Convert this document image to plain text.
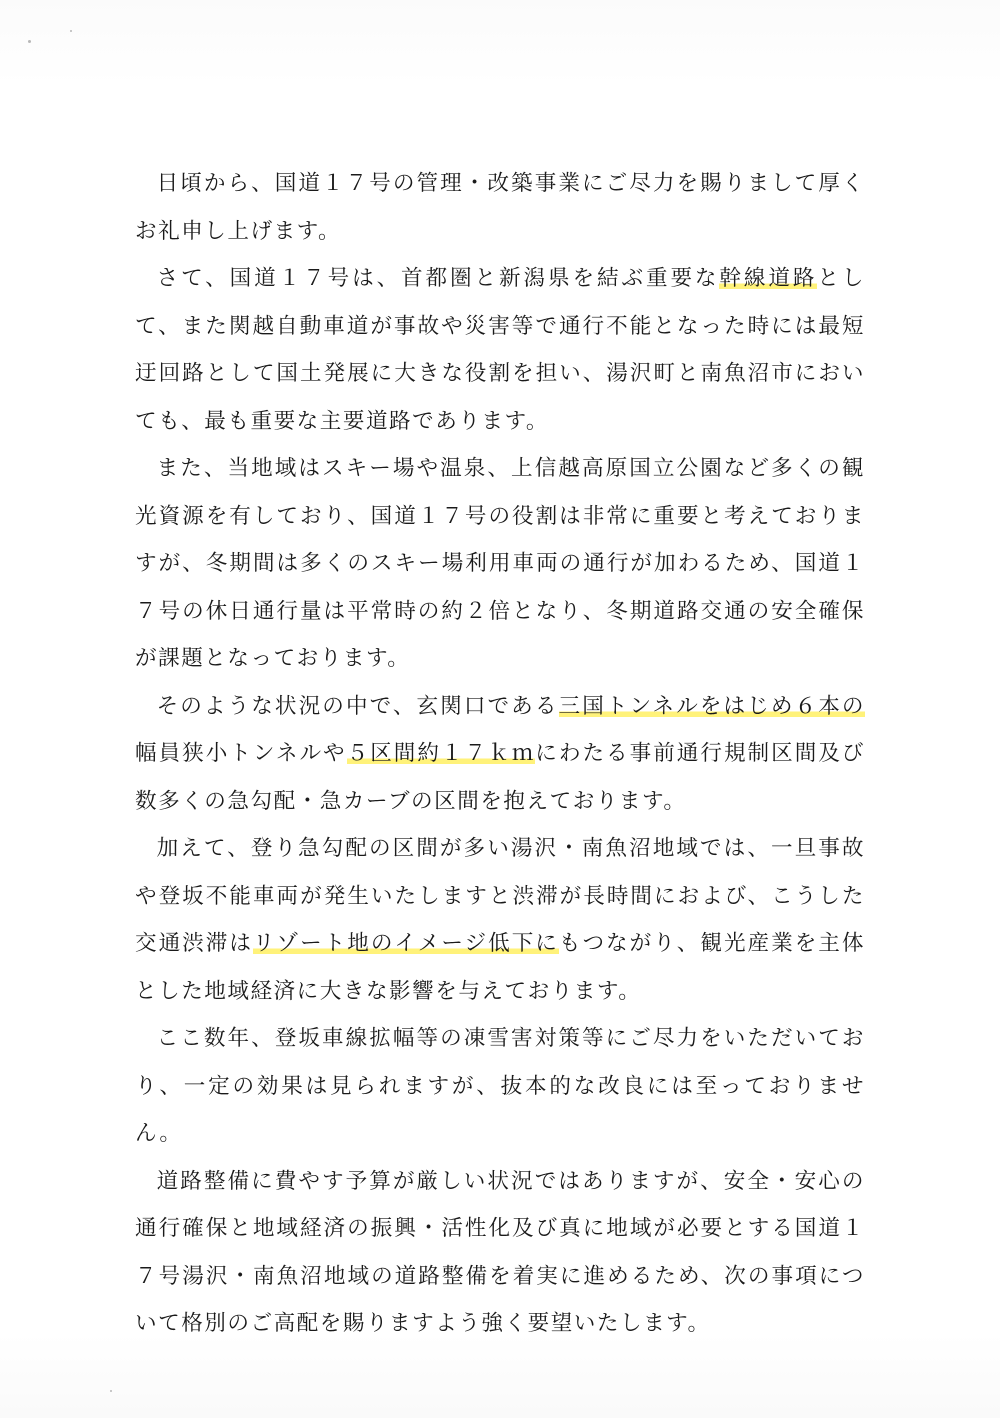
日頃から、国道１７号の管理・改築事業にご尽力を賜りまして厚くお礼申し上げます。

さて、国道１７号は、首都圏と新潟県を結ぶ重要な幹線道路として、また関越自動車道が事故や災害等で通行不能となった時には最短迂回路として国土発展に大きな役割を担い、湯沢町と南魚沼市においても、最も重要な主要道路であります。

また、当地域はスキー場や温泉、上信越高原国立公園など多くの観光資源を有しており、国道１７号の役割は非常に重要と考えておりますが、冬期間は多くのスキー場利用車両の通行が加わるため、国道１７号の休日通行量は平常時の約２倍となり、冬期道路交通の安全確保が課題となっております。

そのような状況の中で、玄関口である三国トンネルをはじめ６本の幅員狭小トンネルや５区間約１７ｋｍにわたる事前通行規制区間及び数多くの急勾配・急カーブの区間を抱えております。

加えて、登り急勾配の区間が多い湯沢・南魚沼地域では、一旦事故や登坂不能車両が発生いたしますと渋滞が長時間におよび、こうした交通渋滞はリゾート地のイメージ低下にもつながり、観光産業を主体とした地域経済に大きな影響を与えております。

ここ数年、登坂車線拡幅等の凍雪害対策等にご尽力をいただいており、一定の効果は見られますが、抜本的な改良には至っておりません。

道路整備に費やす予算が厳しい状況ではありますが、安全・安心の通行確保と地域経済の振興・活性化及び真に地域が必要とする国道１７号湯沢・南魚沼地域の道路整備を着実に進めるため、次の事項について格別のご高配を賜りますよう強く要望いたします。
